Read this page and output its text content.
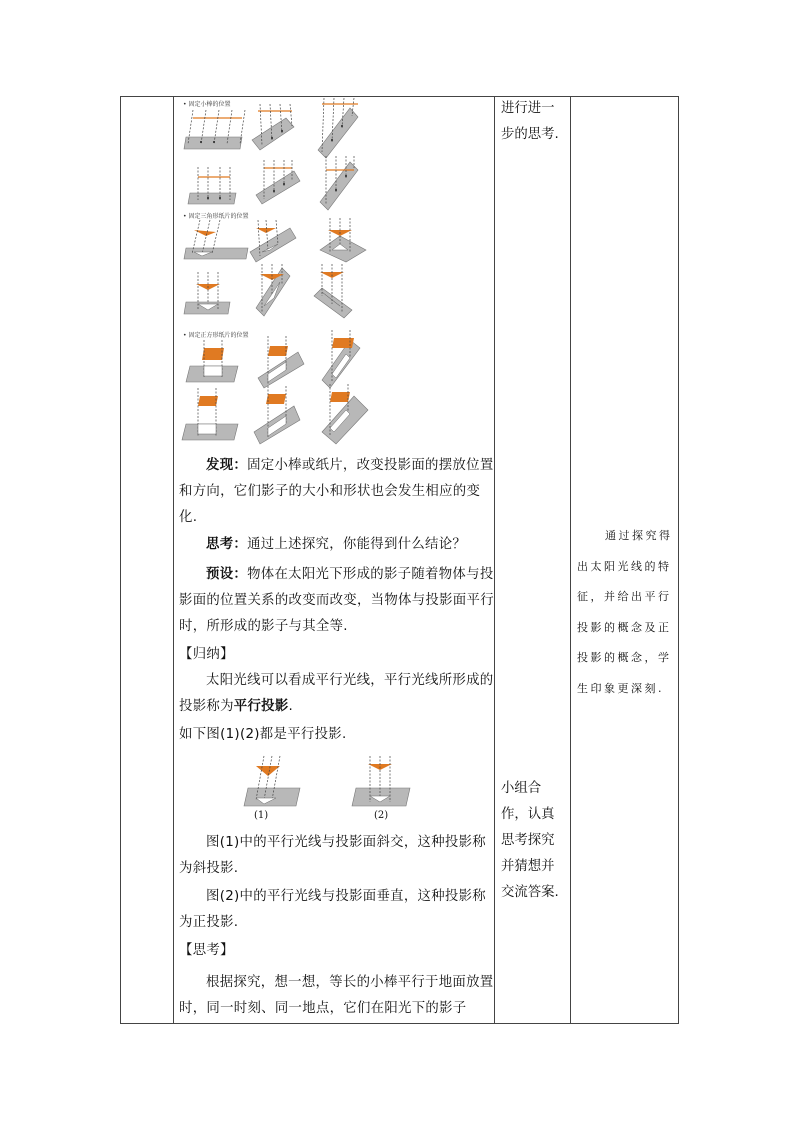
• 固定小棒的位置
• 固定三角形纸片的位置
• 固定正方形纸片的位置
(1)	(2)
发现：固定小棒或纸片，改变投影面的摆放位置和方向，它们影子的大小和形状也会发生相应的变化.
思考：通过上述探究，你能得到什么结论？
预设：物体在太阳光下形成的影子随着物体与投影面的位置关系的改变而改变，当物体与投影面平行时，所形成的影子与其全等.
【归纳】
太阳光线可以看成平行光线，平行光线所形成的投影称为平行投影.
如下图(1)(2)都是平行投影.
图(1)中的平行光线与投影面斜交，这种投影称为斜投影.
图(2)中的平行光线与投影面垂直，这种投影称为正投影.
【思考】
根据探究，想一想，等长的小棒平行于地面放置时，同一时刻、同一地点，它们在阳光下的影子
进行进一步的思考.
小组合作，认真思考探究并猜想并交流答案.
通过探究得出太阳光线的特征，并给出平行投影的概念及正投影的概念，学生印象更深刻.
